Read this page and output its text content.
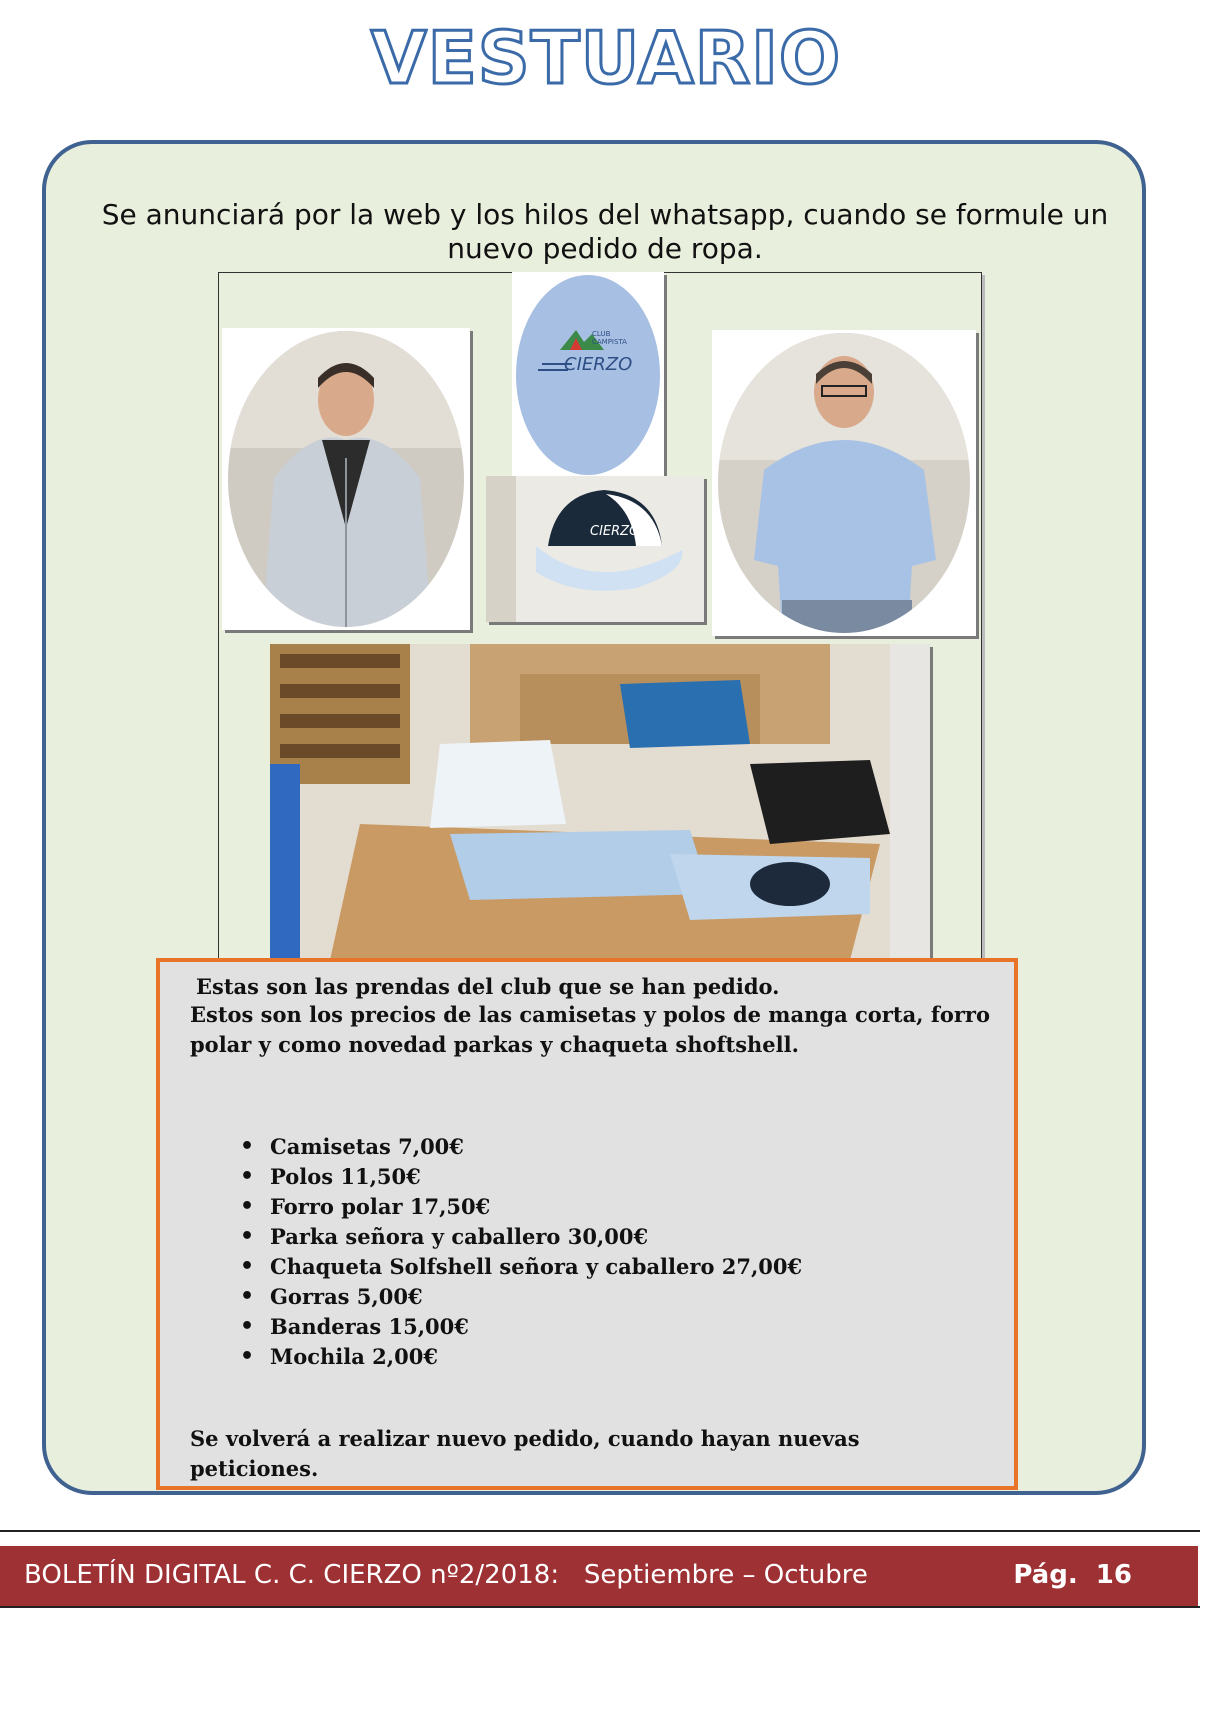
VESTUARIO
Se anunciará por la web y los hilos del whatsapp, cuando se formule un nuevo pedido de ropa.
CLUB CAMPISTA
CIERZO
CIERZO

Estas son las prendas del club que se han pedido.

Estos son los precios de las camisetas y polos de manga corta, forro polar y como novedad parkas y chaqueta shoftshell.

• Camisetas 7,00€
• Polos 11,50€
• Forro polar 17,50€
• Parka señora y caballero 30,00€
• Chaqueta Solfshell señora y caballero 27,00€
• Gorras 5,00€
• Banderas 15,00€
• Mochila 2,00€

Se volverá a realizar nuevo pedido, cuando hayan nuevas peticiones.

BOLETÍN DIGITAL C. C. CIERZO nº2/2018:   Septiembre – Octubre	Pág.  16
